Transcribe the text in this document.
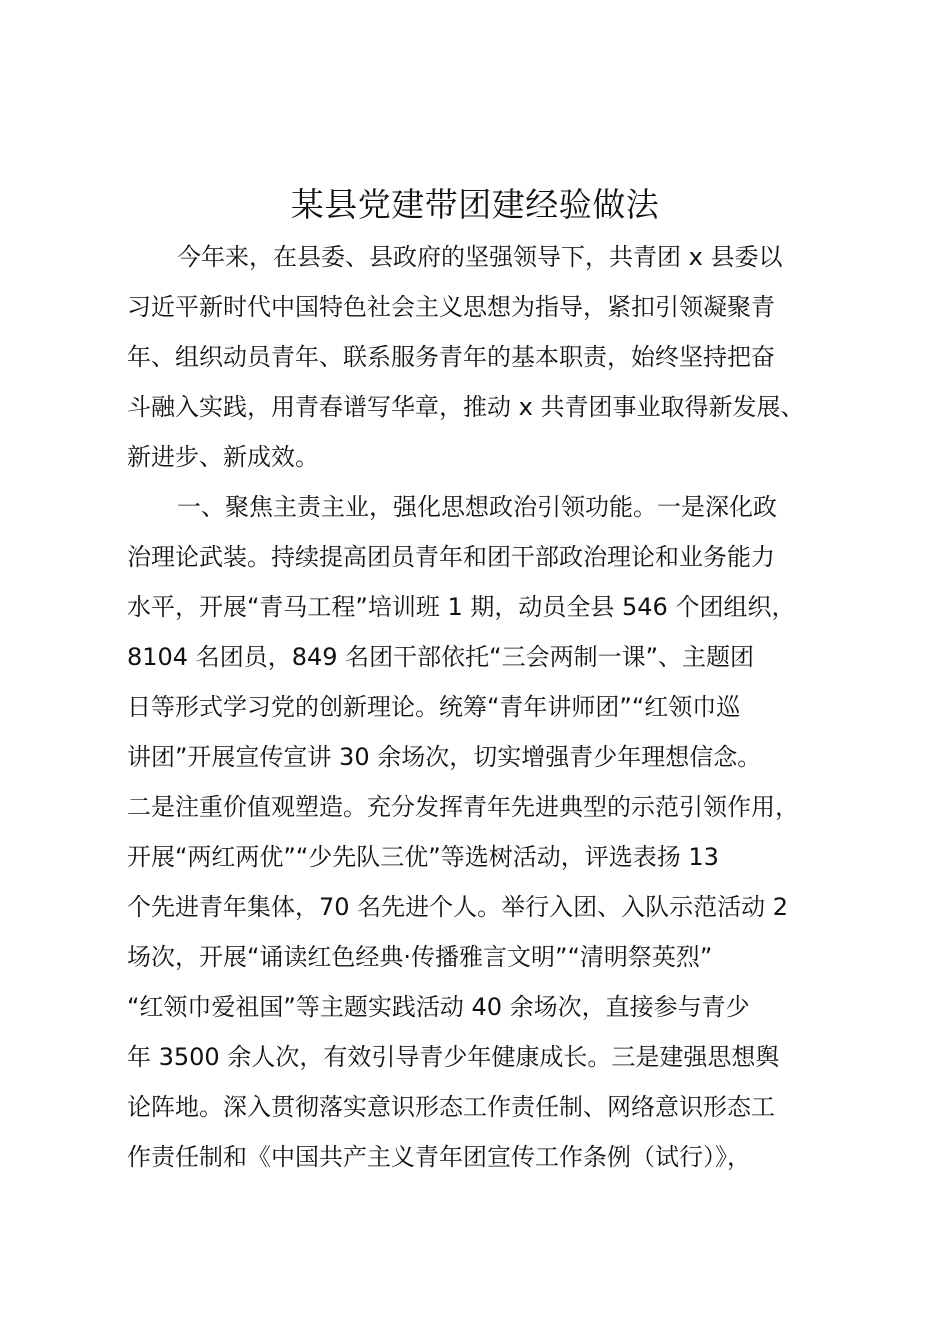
某县党建带团建经验做法
今年来，在县委、县政府的坚强领导下，共青团 x 县委以
习近平新时代中国特色社会主义思想为指导，紧扣引领凝聚青
年、组织动员青年、联系服务青年的基本职责，始终坚持把奋
斗融入实践，用青春谱写华章，推动 x 共青团事业取得新发展、
新进步、新成效。
一、聚焦主责主业，强化思想政治引领功能。一是深化政
治理论武装。持续提高团员青年和团干部政治理论和业务能力
水平，开展“青马工程”培训班 1 期，动员全县 546 个团组织，
8104 名团员，849 名团干部依托“三会两制一课”、主题团
日等形式学习党的创新理论。统筹“青年讲师团”“红领巾巡
讲团”开展宣传宣讲 30 余场次，切实增强青少年理想信念。
二是注重价值观塑造。充分发挥青年先进典型的示范引领作用，
开展“两红两优”“少先队三优”等选树活动，评选表扬 13
个先进青年集体，70 名先进个人。举行入团、入队示范活动 2
场次，开展“诵读红色经典·传播雅言文明”“清明祭英烈”
“红领巾爱祖国”等主题实践活动 40 余场次，直接参与青少
年 3500 余人次，有效引导青少年健康成长。三是建强思想舆
论阵地。深入贯彻落实意识形态工作责任制、网络意识形态工
作责任制和《中国共产主义青年团宣传工作条例（试行）》，
